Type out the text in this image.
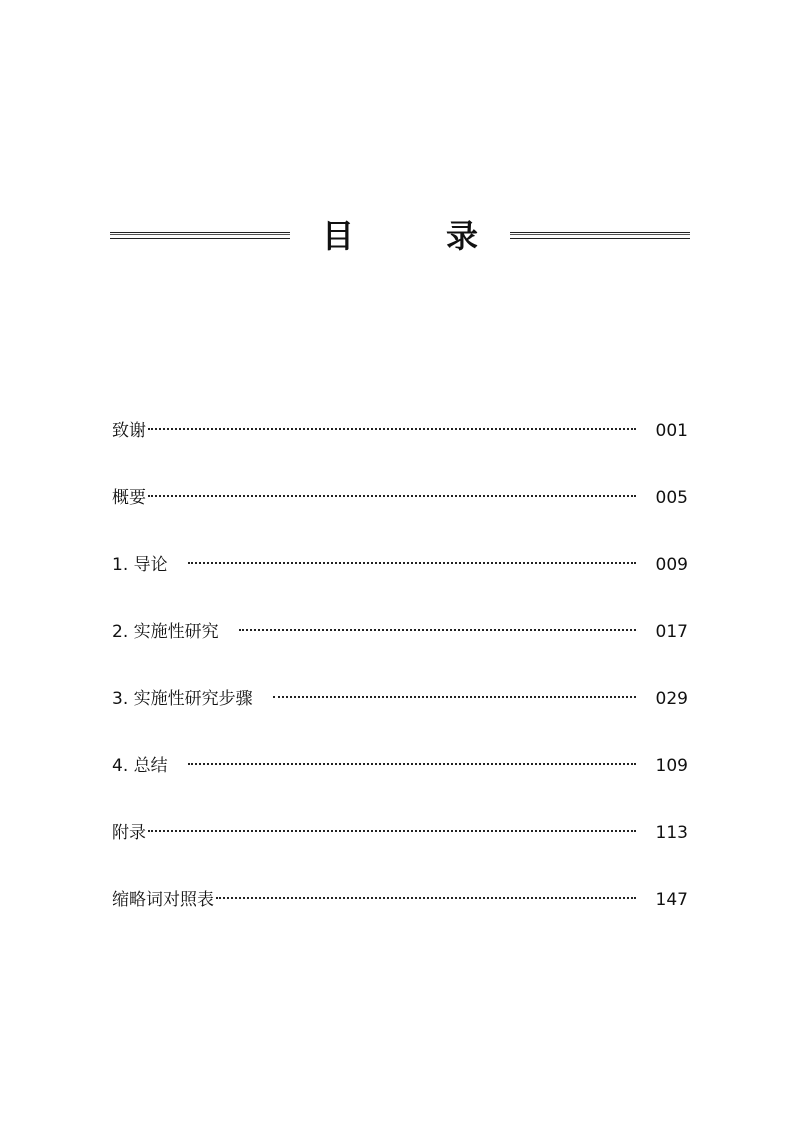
目　录
致谢	001
概要	005
1. 导论	009
2. 实施性研究	017
3. 实施性研究步骤	029
4. 总结	109
附录	113
缩略词对照表	147
